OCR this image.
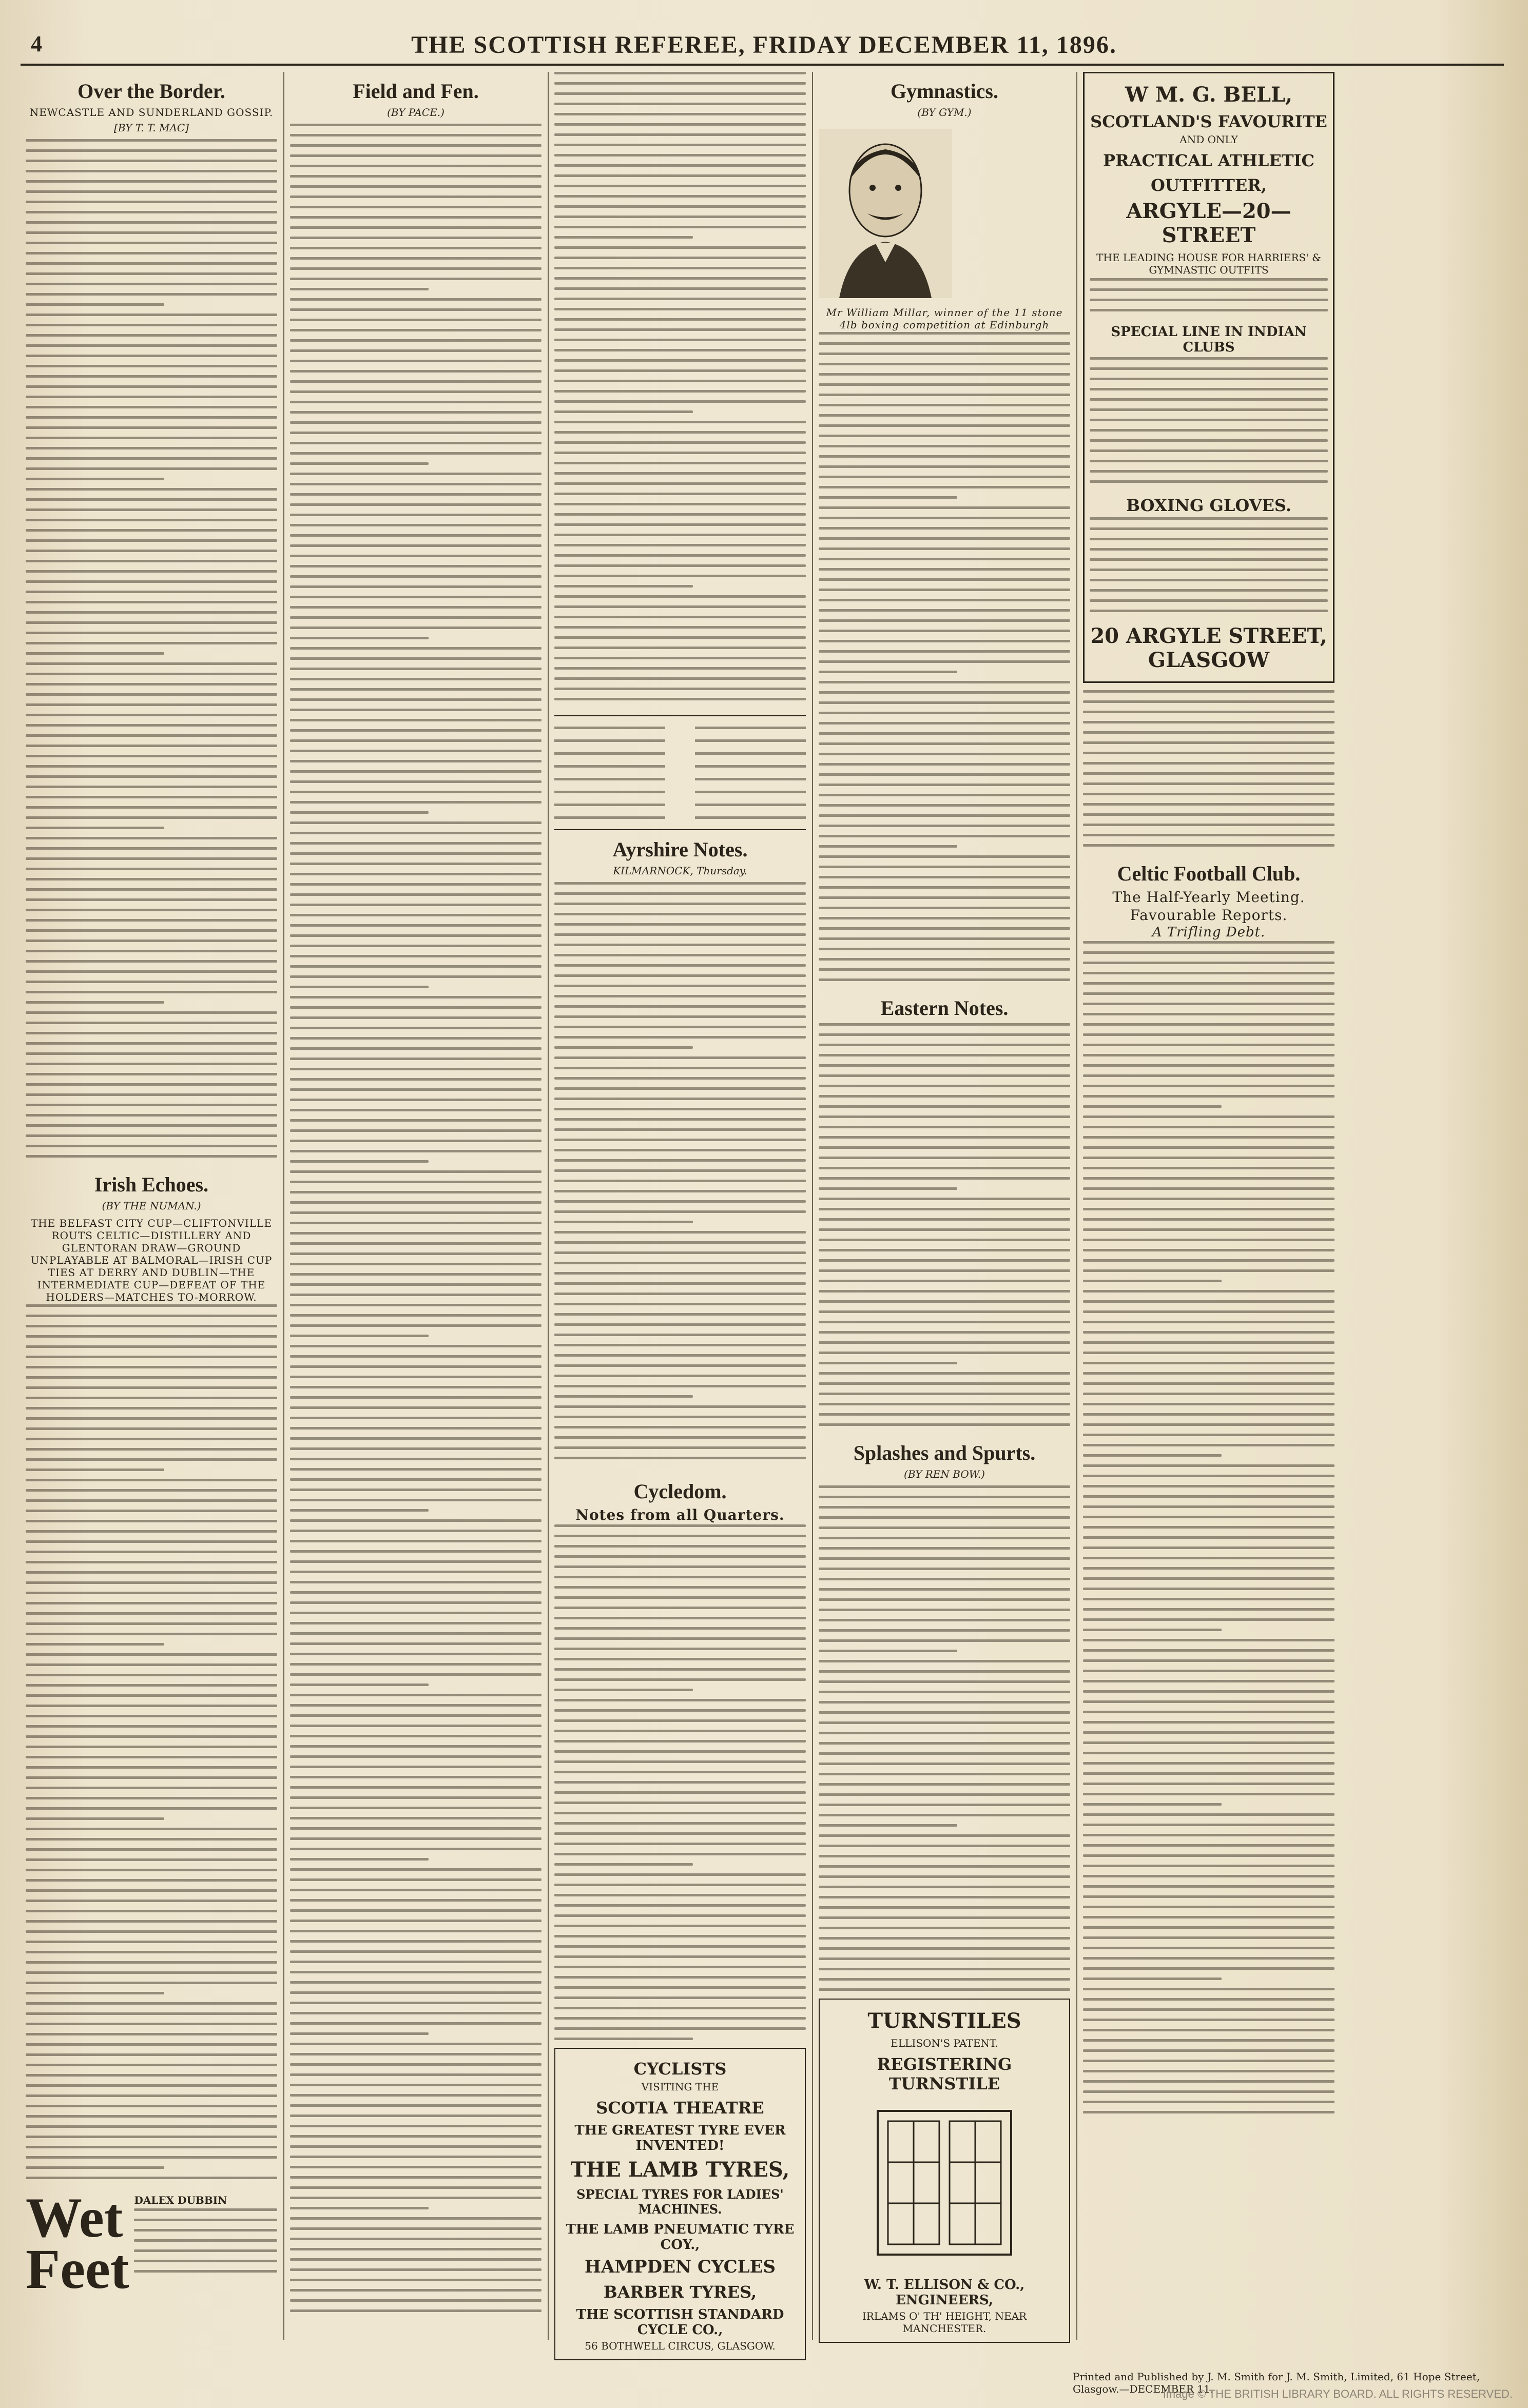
4	THE SCOTTISH REFEREE, FRIDAY DECEMBER 11, 1896.
Over the Border.
NEWCASTLE AND SUNDERLAND GOSSIP.
[BY T. T. MAC]
Irish Echoes.
(BY THE NUMAN.)
THE BELFAST CITY CUP—CLIFTONVILLE ROUTS CELTIC—DISTILLERY AND GLENTORAN DRAW—GROUND UNPLAYABLE AT BALMORAL—IRISH CUP TIES AT DERRY AND DUBLIN—THE INTERMEDIATE CUP—DEFEAT OF THE HOLDERS—MATCHES TO-MORROW.
Wet
Feet
DALEX DUBBIN
Field and Fen.
(BY PACE.)
Ayrshire Notes.
KILMARNOCK, Thursday.
Cycledom.
Notes from all Quarters.
CYCLISTS
VISITING THE
SCOTIA THEATRE
THE GREATEST TYRE EVER INVENTED!
THE LAMB TYRES,
SPECIAL TYRES FOR LADIES' MACHINES.
THE LAMB PNEUMATIC TYRE COY.,
HAMPDEN CYCLES
BARBER TYRES,
THE SCOTTISH STANDARD CYCLE CO.,
56 BOTHWELL CIRCUS, GLASGOW.
Gymnastics.
(BY GYM.)
Mr William Millar, winner of the 11 stone 4lb boxing competition at Edinburgh
Eastern Notes.
Splashes and Spurts.
(BY REN BOW.)
TURNSTILES
ELLISON'S PATENT.
REGISTERING TURNSTILE
W. T. ELLISON & CO., ENGINEERS,
IRLAMS O' TH' HEIGHT, NEAR MANCHESTER.
W M. G. BELL,
SCOTLAND'S FAVOURITE
AND ONLY
PRACTICAL ATHLETIC
OUTFITTER,
ARGYLE—20—STREET
THE LEADING HOUSE FOR HARRIERS' & GYMNASTIC OUTFITS
SPECIAL LINE IN INDIAN CLUBS
BOXING GLOVES.
20 ARGYLE STREET, GLASGOW
Celtic Football Club.
The Half-Yearly Meeting.
Favourable Reports.
A Trifling Debt.
Printed and Published by J. M. Smith for J. M. Smith, Limited, 61 Hope Street, Glasgow.—DECEMBER 11.
Image © THE BRITISH LIBRARY BOARD. ALL RIGHTS RESERVED.
